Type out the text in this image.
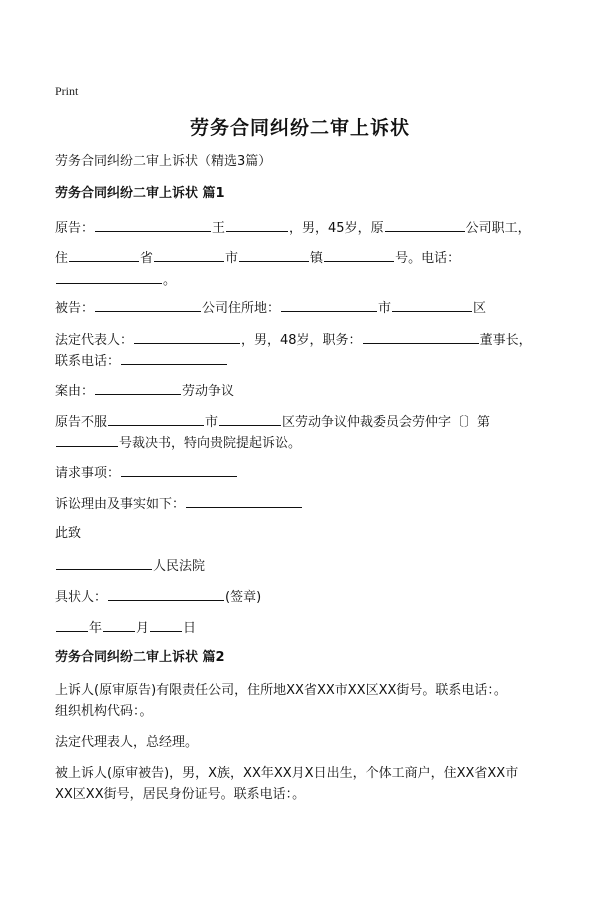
Print
劳务合同纠纷二审上诉状
劳务合同纠纷二审上诉状（精选3篇）
劳务合同纠纷二审上诉状 篇1
原告：	王	，男，45岁，原	公司职工，
住	省	市	镇	号。电话：
。
被告：	公司住所地：	市	区
法定代表人：	，男，48岁，职务：	董事长，
联系电话：
案由：	劳动争议
原告不服	市	区劳动争议仲裁委员会劳仲字〔〕第
号裁决书，特向贵院提起诉讼。
请求事项：
诉讼理由及事实如下：
此致
人民法院
具状人：	(签章)
年	月	日
劳务合同纠纷二审上诉状 篇2
上诉人(原审原告)有限责任公司，住所地XX省XX市XX区XX街号。联系电话：。
组织机构代码：。
法定代理表人，总经理。
被上诉人(原审被告)，男，X族，XX年XX月X日出生，个体工商户，住XX省XX市
XX区XX街号，居民身份证号。联系电话：。
